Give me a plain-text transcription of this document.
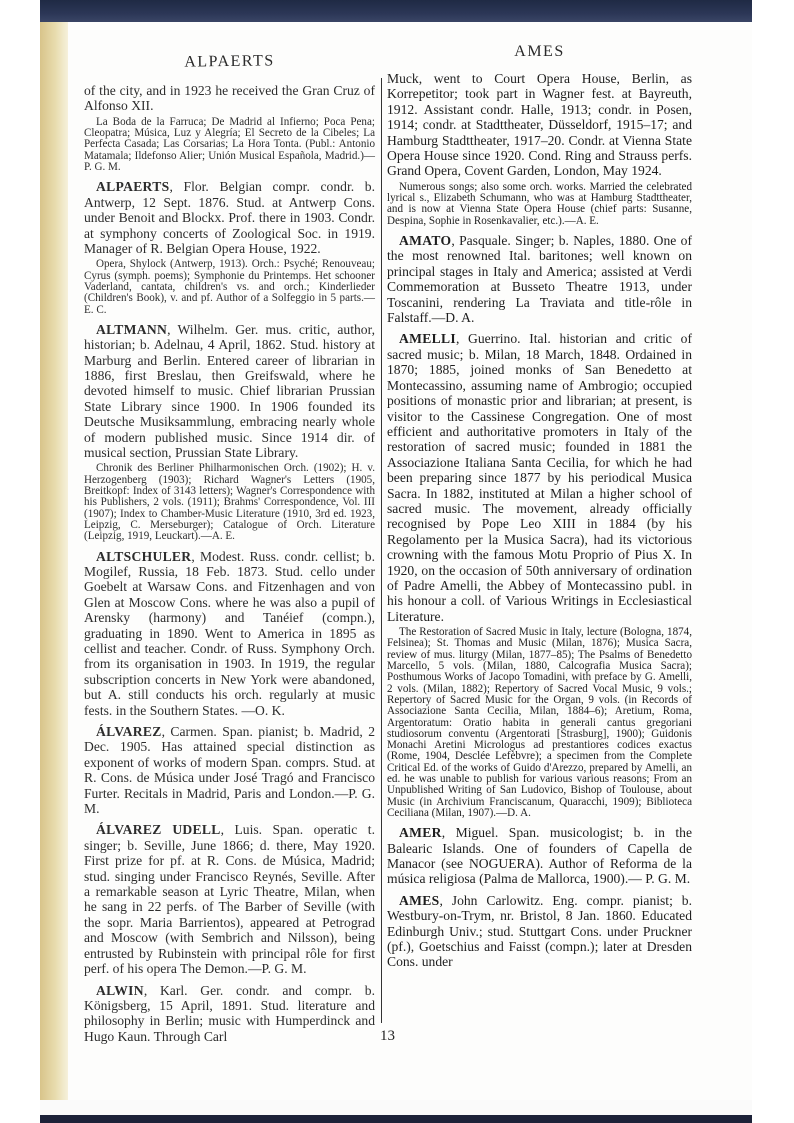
ALPAERTS

of the city, and in 1923 he received the Gran Cruz of Alfonso XII.

La Boda de la Farruca; De Madrid al Infierno; Poca Pena; Cleopatra; Música, Luz y Alegría; El Secreto de la Cibeles; La Perfecta Casada; Las Corsarias; La Hora Tonta. (Publ.: Antonio Matamala; Ildefonso Alier; Unión Musical Española, Madrid.)—P. G. M.

ALPAERTS, Flor. Belgian compr. condr. b. Antwerp, 12 Sept. 1876. Stud. at Antwerp Cons. under Benoit and Blockx. Prof. there in 1903. Condr. at symphony concerts of Zoological Soc. in 1919. Manager of R. Belgian Opera House, 1922.

Opera, Shylock (Antwerp, 1913). Orch.: Psyché; Renouveau; Cyrus (symph. poems); Symphonie du Printemps. Het schooner Vaderland, cantata, children's vs. and orch.; Kinderlieder (Children's Book), v. and pf. Author of a Solfeggio in 5 parts.—E. C.

ALTMANN, Wilhelm. Ger. mus. critic, author, historian; b. Adelnau, 4 April, 1862. Stud. history at Marburg and Berlin. Entered career of librarian in 1886, first Breslau, then Greifswald, where he devoted himself to music. Chief librarian Prussian State Library since 1900. In 1906 founded its Deutsche Musiksammlung, embracing nearly whole of modern published music. Since 1914 dir. of musical section, Prussian State Library.

Chronik des Berliner Philharmonischen Orch. (1902); H. v. Herzogenberg (1903); Richard Wagner's Letters (1905, Breitkopf: Index of 3143 letters); Wagner's Correspondence with his Publishers, 2 vols. (1911); Brahms' Correspondence, Vol. III (1907); Index to Chamber-Music Literature (1910, 3rd ed. 1923, Leipzig, C. Merseburger); Catalogue of Orch. Literature (Leipzig, 1919, Leuckart).—A. E.

ALTSCHULER, Modest. Russ. condr. cellist; b. Mogilef, Russia, 18 Feb. 1873. Stud. cello under Goebelt at Warsaw Cons. and Fitzenhagen and von Glen at Moscow Cons. where he was also a pupil of Arensky (harmony) and Tanéief (compn.), graduating in 1890. Went to America in 1895 as cellist and teacher. Condr. of Russ. Symphony Orch. from its organisation in 1903. In 1919, the regular subscription concerts in New York were abandoned, but A. still conducts his orch. regularly at music fests. in the Southern States. —O. K.

ÁLVAREZ, Carmen. Span. pianist; b. Madrid, 2 Dec. 1905. Has attained special distinction as exponent of works of modern Span. comprs. Stud. at R. Cons. de Música under José Tragó and Francisco Furter. Recitals in Madrid, Paris and London.—P. G. M.

ÁLVAREZ UDELL, Luis. Span. operatic t. singer; b. Seville, June 1866; d. there, May 1920. First prize for pf. at R. Cons. de Música, Madrid; stud. singing under Francisco Reynés, Seville. After a remarkable season at Lyric Theatre, Milan, when he sang in 22 perfs. of The Barber of Seville (with the sopr. Maria Barrientos), appeared at Petrograd and Moscow (with Sembrich and Nilsson), being entrusted by Rubinstein with principal rôle for first perf. of his opera The Demon.—P. G. M.

ALWIN, Karl. Ger. condr. and compr. b. Königsberg, 15 April, 1891. Stud. literature and philosophy in Berlin; music with Humperdinck and Hugo Kaun. Through Carl

AMES

Muck, went to Court Opera House, Berlin, as Korrepetitor; took part in Wagner fest. at Bayreuth, 1912. Assistant condr. Halle, 1913; condr. in Posen, 1914; condr. at Stadttheater, Düsseldorf, 1915–17; and Hamburg Stadttheater, 1917–20. Condr. at Vienna State Opera House since 1920. Cond. Ring and Strauss perfs. Grand Opera, Covent Garden, London, May 1924.

Numerous songs; also some orch. works. Married the celebrated lyrical s., Elizabeth Schumann, who was at Hamburg Stadttheater, and is now at Vienna State Opera House (chief parts: Susanne, Despina, Sophie in Rosenkavalier, etc.).—A. E.

AMATO, Pasquale. Singer; b. Naples, 1880. One of the most renowned Ital. baritones; well known on principal stages in Italy and America; assisted at Verdi Commemoration at Busseto Theatre 1913, under Toscanini, rendering La Traviata and title-rôle in Falstaff.—D. A.

AMELLI, Guerrino. Ital. historian and critic of sacred music; b. Milan, 18 March, 1848. Ordained in 1870; 1885, joined monks of San Benedetto at Montecassino, assuming name of Ambrogio; occupied positions of monastic prior and librarian; at present, is visitor to the Cassinese Congregation. One of most efficient and authoritative promoters in Italy of the restoration of sacred music; founded in 1881 the Associazione Italiana Santa Cecilia, for which he had been preparing since 1877 by his periodical Musica Sacra. In 1882, instituted at Milan a higher school of sacred music. The movement, already officially recognised by Pope Leo XIII in 1884 (by his Regolamento per la Musica Sacra), had its victorious crowning with the famous Motu Proprio of Pius X. In 1920, on the occasion of 50th anniversary of ordination of Padre Amelli, the Abbey of Montecassino publ. in his honour a coll. of Various Writings in Ecclesiastical Literature.

The Restoration of Sacred Music in Italy, lecture (Bologna, 1874, Felsinea); St. Thomas and Music (Milan, 1876); Musica Sacra, review of mus. liturgy (Milan, 1877–85); The Psalms of Benedetto Marcello, 5 vols. (Milan, 1880, Calcografia Musica Sacra); Posthumous Works of Jacopo Tomadini, with preface by G. Amelli, 2 vols. (Milan, 1882); Repertory of Sacred Vocal Music, 9 vols.; Repertory of Sacred Music for the Organ, 9 vols. (in Records of Associazione Santa Cecilia, Milan, 1884–6); Aretium, Roma, Argentoratum: Oratio habita in generali cantus gregoriani studiosorum conventu (Argentorati [Strasburg], 1900); Guidonis Monachi Aretini Micrologus ad prestantiores codices exactus (Rome, 1904, Desclée Lefèbvre); a specimen from the Complete Critical Ed. of the works of Guido d'Arezzo, prepared by Amelli, an ed. he was unable to publish for various various reasons; From an Unpublished Writing of San Ludovico, Bishop of Toulouse, about Music (in Archivium Franciscanum, Quaracchi, 1909); Biblioteca Ceciliana (Milan, 1907).—D. A.

AMER, Miguel. Span. musicologist; b. in the Balearic Islands. One of founders of Capella de Manacor (see NOGUERA). Author of Reforma de la música religiosa (Palma de Mallorca, 1900).— P. G. M.

AMES, John Carlowitz. Eng. compr. pianist; b. Westbury-on-Trym, nr. Bristol, 8 Jan. 1860. Educated Edinburgh Univ.; stud. Stuttgart Cons. under Pruckner (pf.), Goetschius and Faisst (compn.); later at Dresden Cons. under

13
